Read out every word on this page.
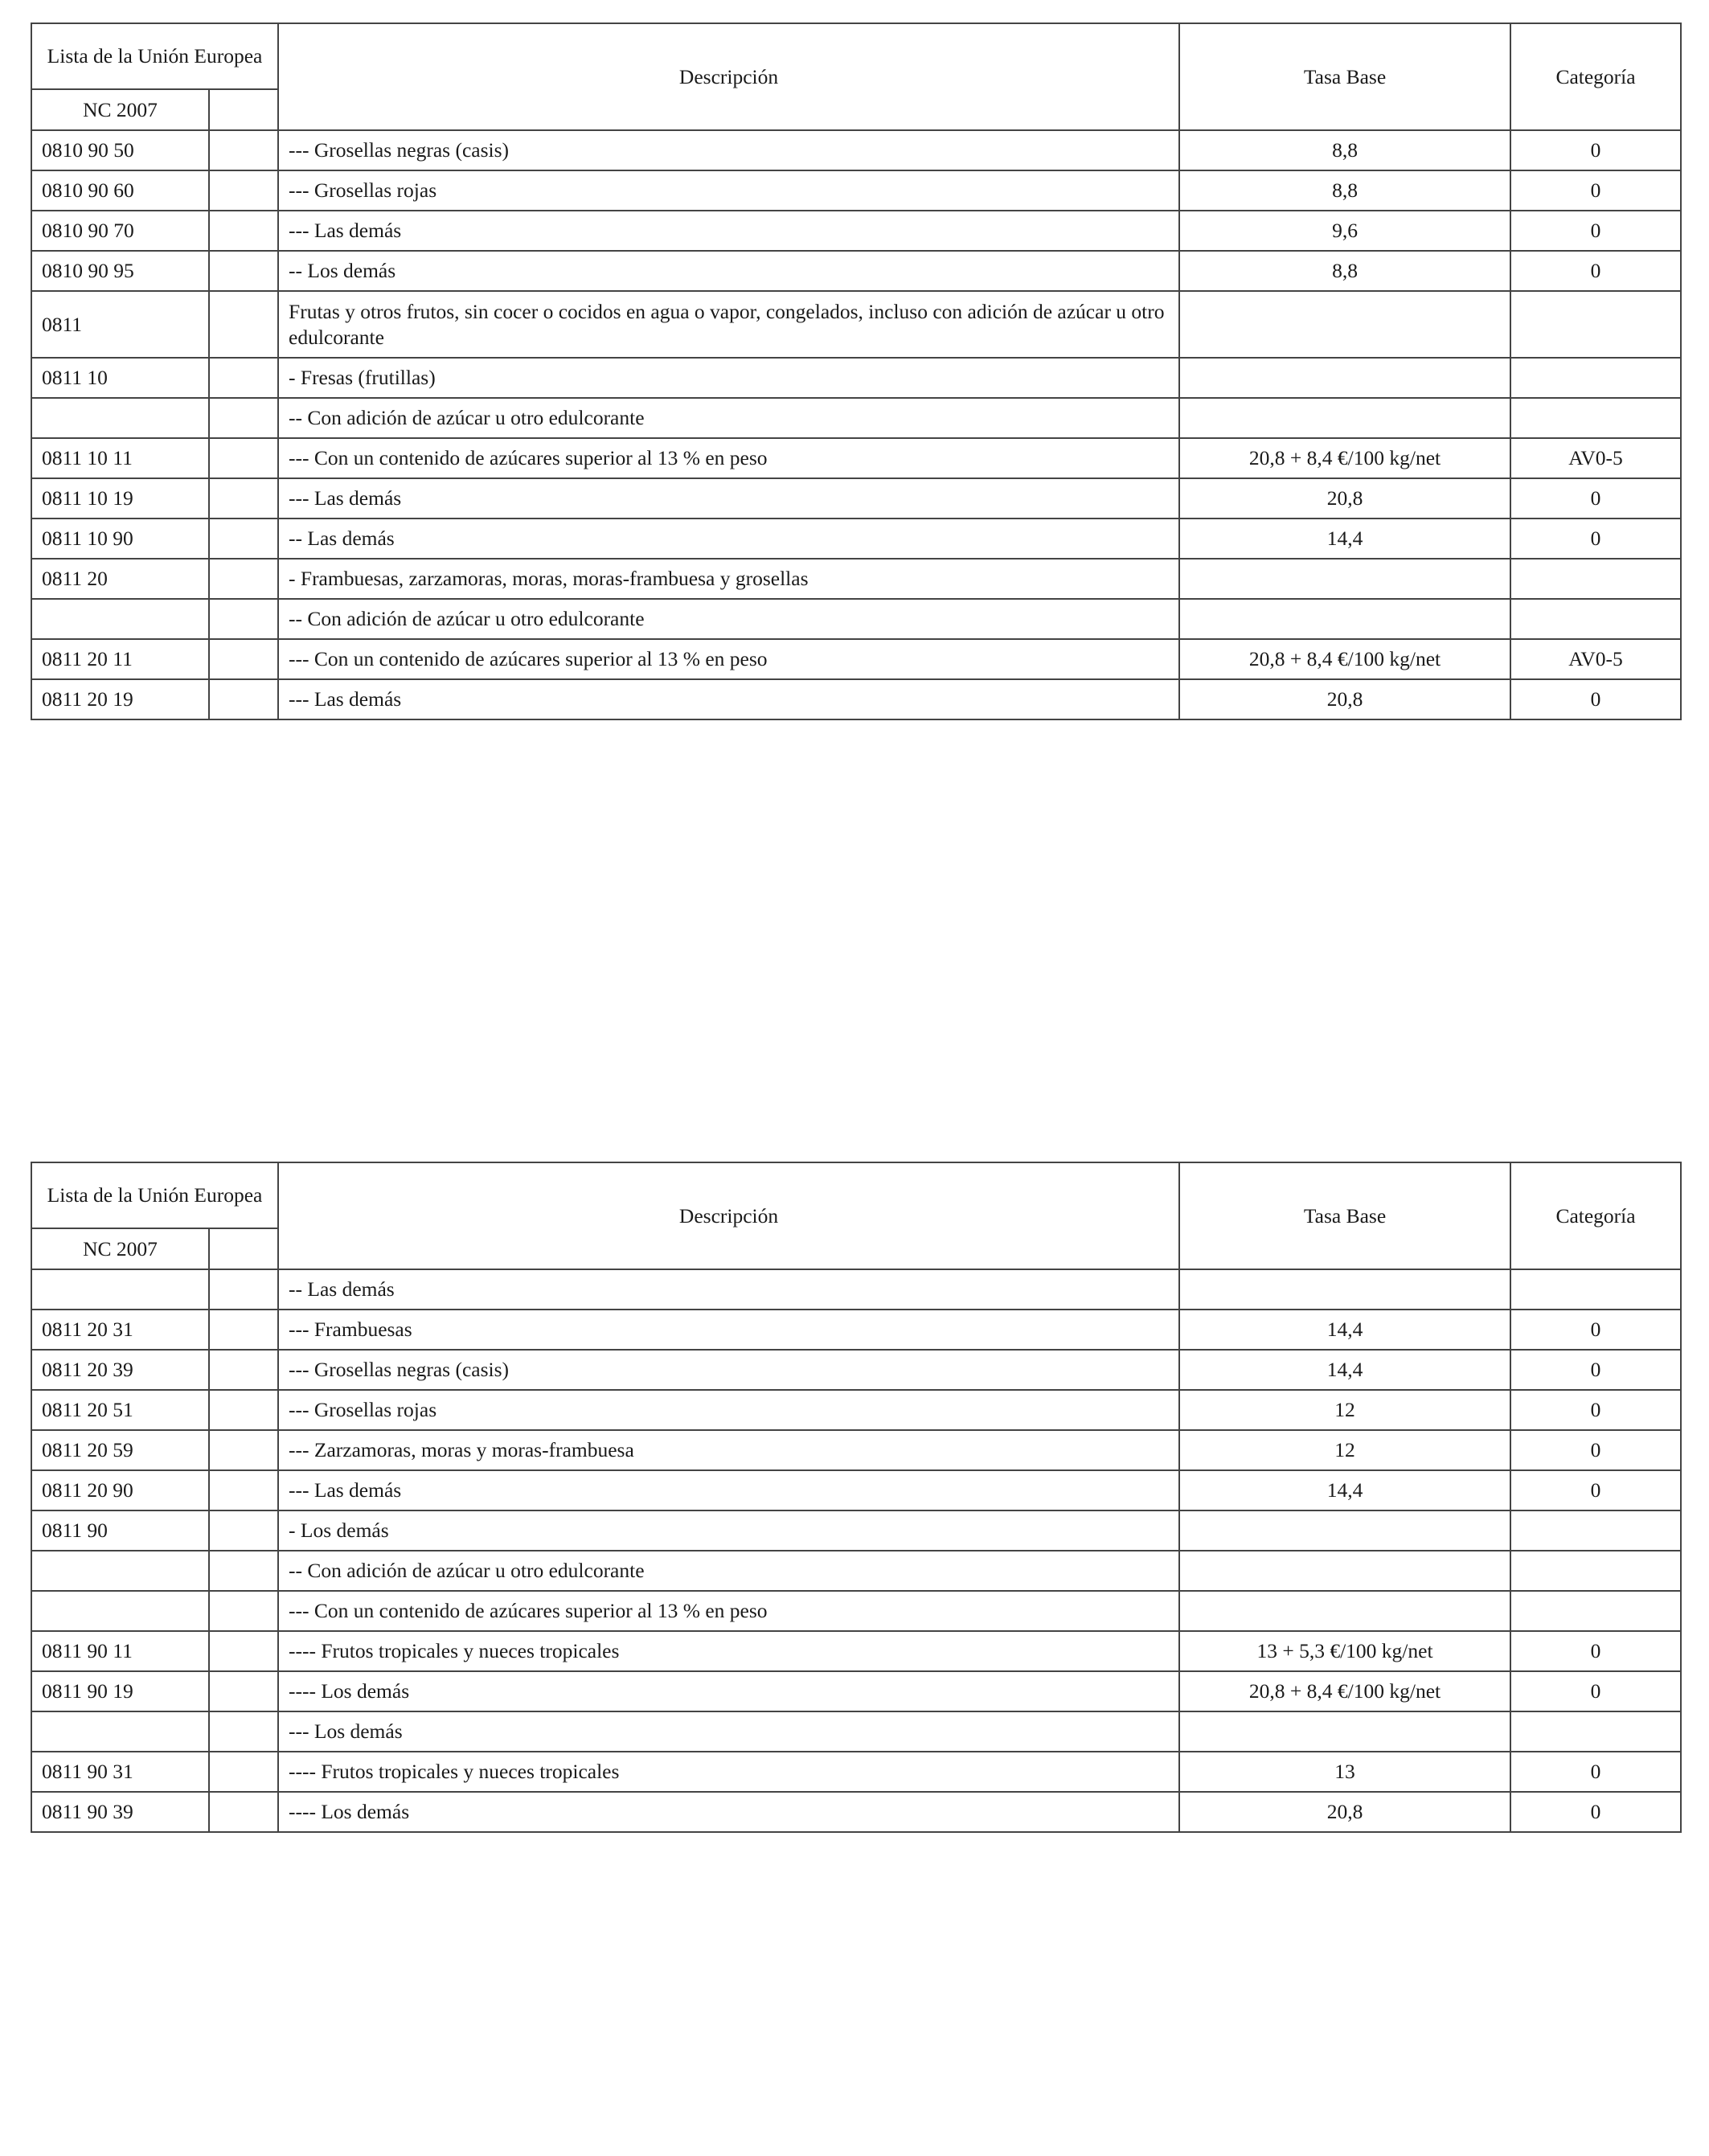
Lista de la Unión Europea		Descripción	Tasa Base	Categoría
NC 2007				
0810 90 50		--- Grosellas negras (casis)	8,8	0
0810 90 60		--- Grosellas rojas	8,8	0
0810 90 70		--- Las demás	9,6	0
0810 90 95		-- Los demás	8,8	0
0811		Frutas y otros frutos, sin cocer o cocidos en agua o vapor, congelados, incluso con adición de azúcar u otro edulcorante		
0811 10		- Fresas (frutillas)		
		-- Con adición de azúcar u otro edulcorante		
0811 10 11		--- Con un contenido de azúcares superior al 13 % en peso	20,8 + 8,4 €/100 kg/net	AV0-5
0811 10 19		--- Las demás	20,8	0
0811 10 90		-- Las demás	14,4	0
0811 20		- Frambuesas, zarzamoras, moras, moras-frambuesa y grosellas		
		-- Con adición de azúcar u otro edulcorante		
0811 20 11		--- Con un contenido de azúcares superior al 13 % en peso	20,8 + 8,4 €/100 kg/net	AV0-5
0811 20 19		--- Las demás	20,8	0
Lista de la Unión Europea		Descripción	Tasa Base	Categoría
NC 2007				
		-- Las demás		
0811 20 31		--- Frambuesas	14,4	0
0811 20 39		--- Grosellas negras (casis)	14,4	0
0811 20 51		--- Grosellas rojas	12	0
0811 20 59		--- Zarzamoras, moras y moras-frambuesa	12	0
0811 20 90		--- Las demás	14,4	0
0811 90		- Los demás		
		-- Con adición de azúcar u otro edulcorante		
		--- Con un contenido de azúcares superior al 13 % en peso		
0811 90 11		---- Frutos tropicales y nueces tropicales	13 + 5,3 €/100 kg/net	0
0811 90 19		---- Los demás	20,8 + 8,4 €/100 kg/net	0
		--- Los demás		
0811 90 31		---- Frutos tropicales y nueces tropicales	13	0
0811 90 39		---- Los demás	20,8	0
